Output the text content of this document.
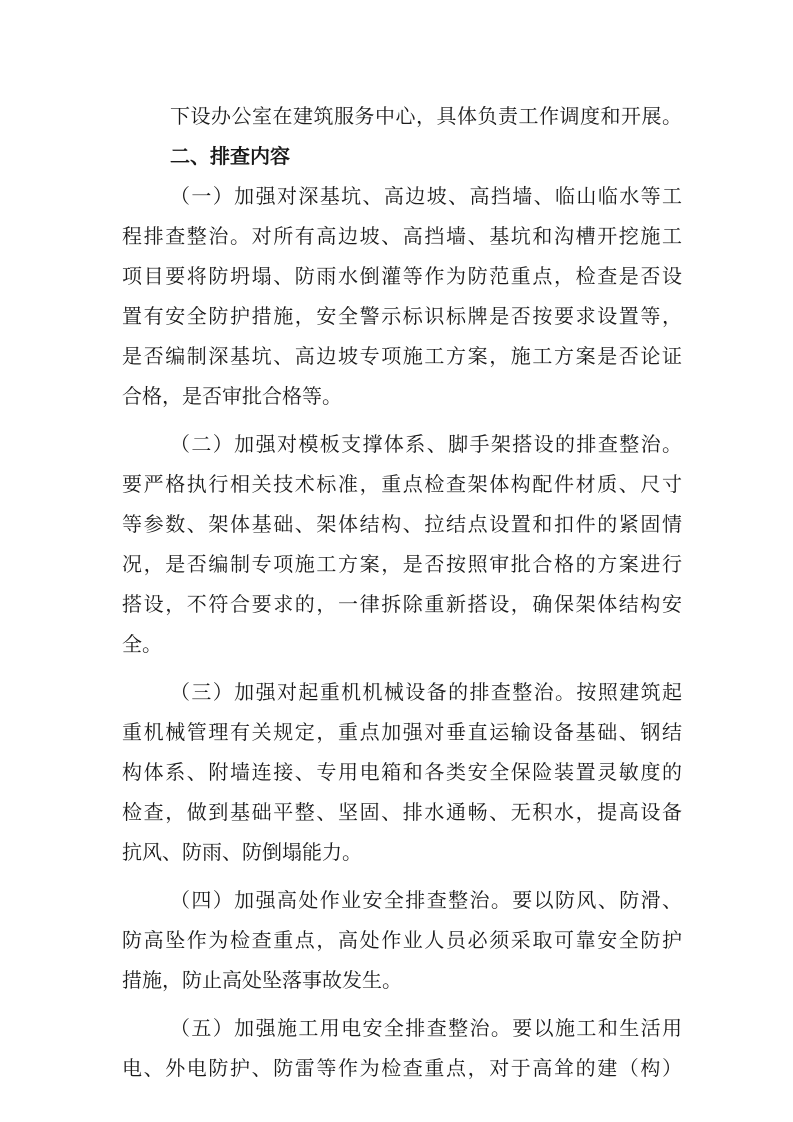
下设办公室在建筑服务中心，具体负责工作调度和开展。
二、排查内容
（一）加强对深基坑、高边坡、高挡墙、临山临水等工
程排查整治。对所有高边坡、高挡墙、基坑和沟槽开挖施工
项目要将防坍塌、防雨水倒灌等作为防范重点，检查是否设
置有安全防护措施，安全警示标识标牌是否按要求设置等，
是否编制深基坑、高边坡专项施工方案，施工方案是否论证
合格，是否审批合格等。
（二）加强对模板支撑体系、脚手架搭设的排查整治。
要严格执行相关技术标准，重点检查架体构配件材质、尺寸
等参数、架体基础、架体结构、拉结点设置和扣件的紧固情
况，是否编制专项施工方案，是否按照审批合格的方案进行
搭设，不符合要求的，一律拆除重新搭设，确保架体结构安
全。
（三）加强对起重机机械设备的排查整治。按照建筑起
重机械管理有关规定，重点加强对垂直运输设备基础、钢结
构体系、附墙连接、专用电箱和各类安全保险装置灵敏度的
检查，做到基础平整、坚固、排水通畅、无积水，提高设备
抗风、防雨、防倒塌能力。
（四）加强高处作业安全排查整治。要以防风、防滑、
防高坠作为检查重点，高处作业人员必须采取可靠安全防护
措施，防止高处坠落事故发生。
（五）加强施工用电安全排查整治。要以施工和生活用
电、外电防护、防雷等作为检查重点，对于高耸的建（构）
